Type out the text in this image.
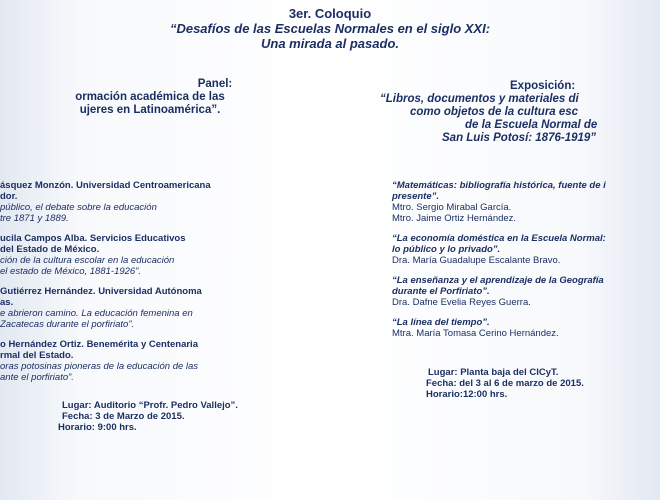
3er. Coloquio
“Desafíos de las Escuelas Normales en el siglo XXI:
Una mirada al pasado.
Panel:
ormación académica de las
ujeres en Latinoamérica”.
ásquez Monzón. Universidad Centroamericana
dor.
público, el debate sobre la educación
tre 1871 y 1889.
ucila Campos Alba. Servicios Educativos
del Estado de México.
ción de la cultura escolar en la educación
el estado de México, 1881-1926”.
Gutiérrez Hernández. Universidad Autónoma
as.
e abrieron camino. La educación femenina en
Zacatecas durante el porfiriato”.
o Hernández Ortiz. Benemérita y Centenaria
rmal del Estado.
oras potosinas pioneras de la educación de las
ante el porfiriato”.
Lugar: Auditorio “Profr. Pedro Vallejo”.
Fecha: 3 de Marzo de 2015.
Horario: 9:00 hrs.
Exposición:
“Libros, documentos y materiales di
como objetos de la cultura esc
de la Escuela Normal de
San Luis Potosí: 1876-1919”
“Matemáticas: bibliografía histórica, fuente de i
presente”.
Mtro. Sergio Mirabal García.
Mtro. Jaime Ortiz Hernández.
“La economía doméstica en la Escuela Normal:
lo público y lo privado”.
Dra. María Guadalupe Escalante Bravo.
“La enseñanza y el aprendizaje de la Geografía
durante el Porfiriato”.
Dra. Dafne Evelia Reyes Guerra.
“La línea del tiempo”.
Mtra. María Tomasa Cerino Hernández.
Lugar: Planta baja del CICyT.
Fecha: del 3 al 6 de marzo de 2015.
Horario:12:00 hrs.
